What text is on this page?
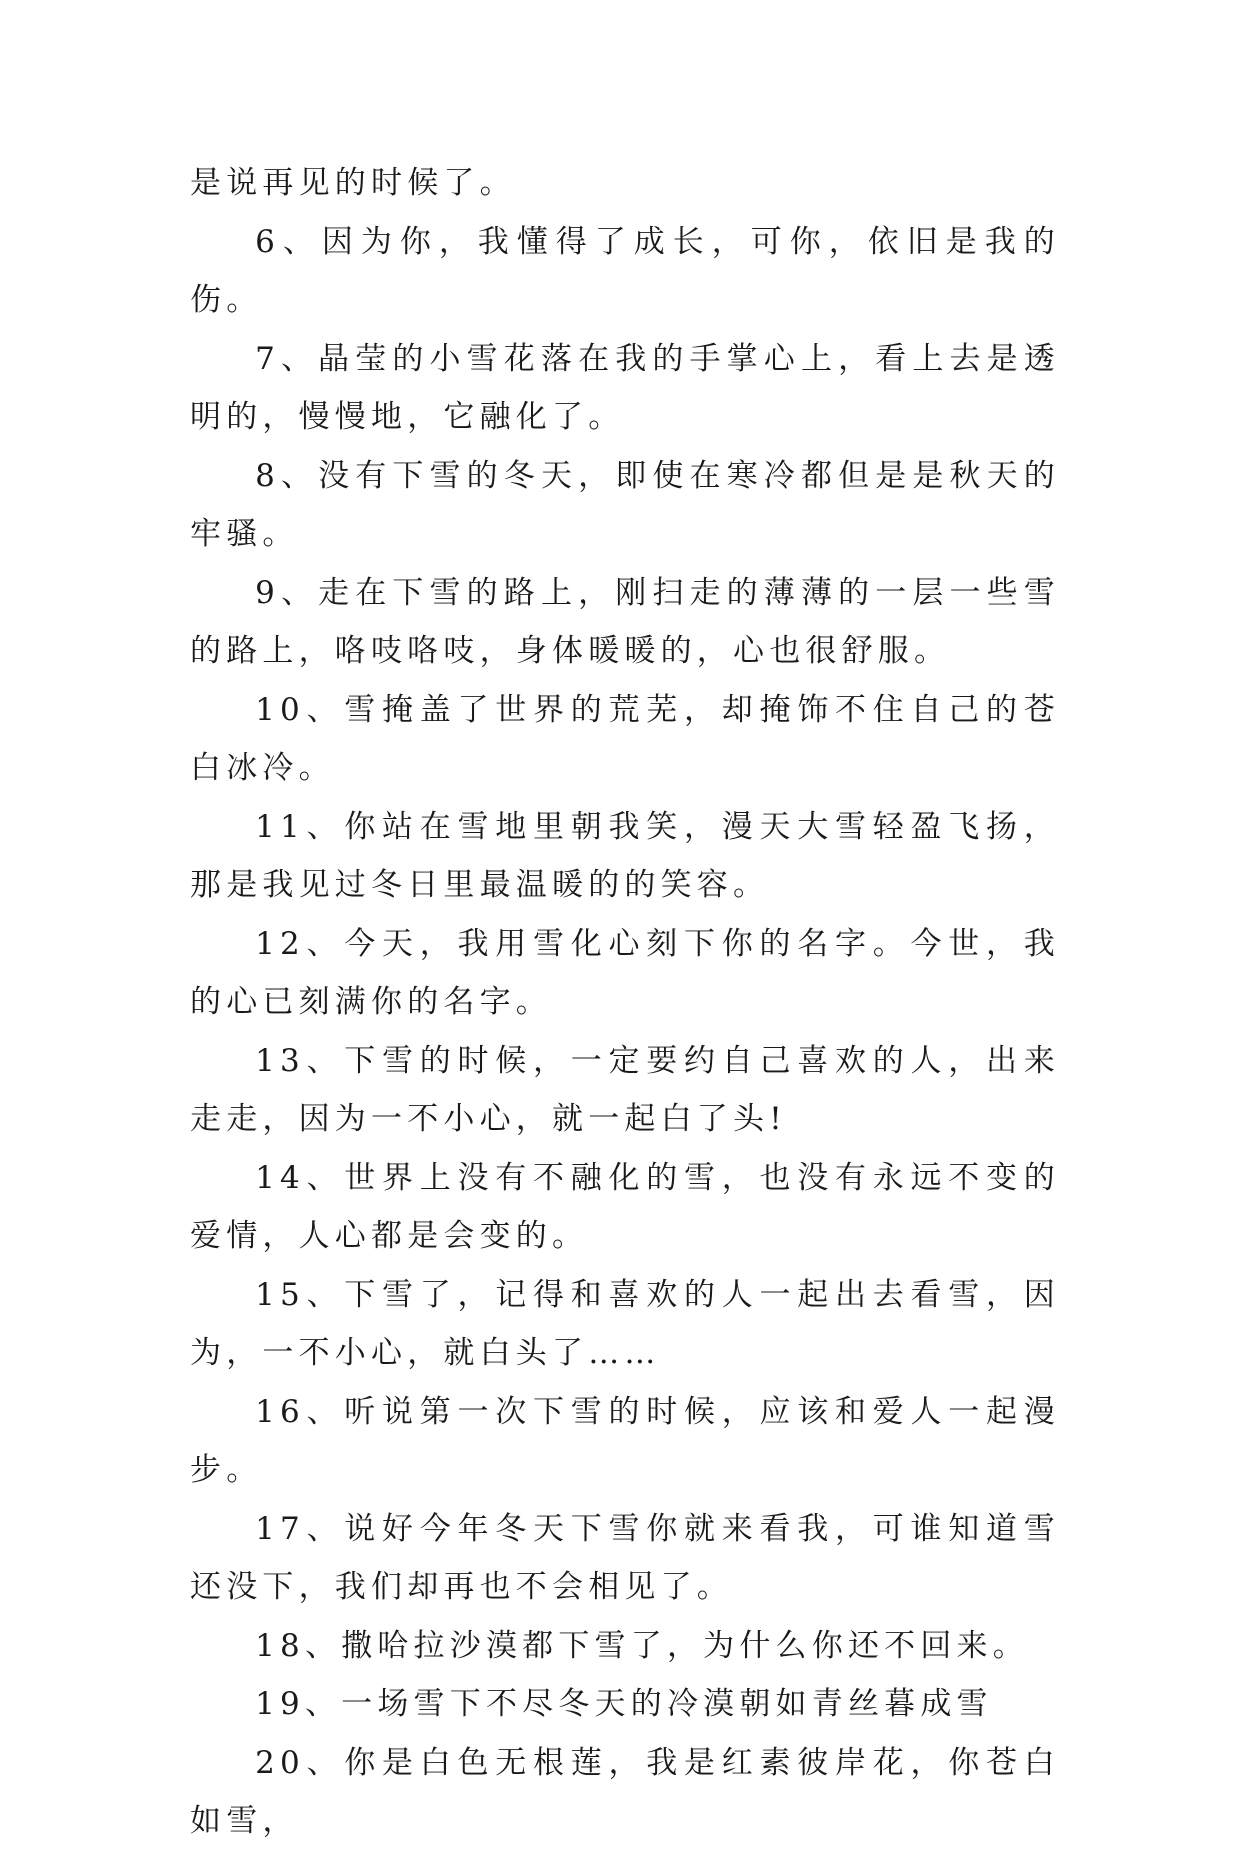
是说再见的时候了。

6、因为你，我懂得了成长，可你，依旧是我的伤。

7、晶莹的小雪花落在我的手掌心上，看上去是透明的，慢慢地，它融化了。

8、没有下雪的冬天，即使在寒冷都但是是秋天的牢骚。

9、走在下雪的路上，刚扫走的薄薄的一层一些雪的路上，咯吱咯吱，身体暖暖的，心也很舒服。

10、雪掩盖了世界的荒芜，却掩饰不住自己的苍白冰冷。

11、你站在雪地里朝我笑，漫天大雪轻盈飞扬，那是我见过冬日里最温暖的的笑容。

12、今天，我用雪化心刻下你的名字。今世，我的心已刻满你的名字。

13、下雪的时候，一定要约自己喜欢的人，出来走走，因为一不小心，就一起白了头!

14、世界上没有不融化的雪，也没有永远不变的爱情，人心都是会变的。

15、下雪了，记得和喜欢的人一起出去看雪，因为，一不小心，就白头了……

16、听说第一次下雪的时候，应该和爱人一起漫步。

17、说好今年冬天下雪你就来看我，可谁知道雪还没下，我们却再也不会相见了。

18、撒哈拉沙漠都下雪了，为什么你还不回来。

19、一场雪下不尽冬天的冷漠朝如青丝暮成雪

20、你是白色无根莲，我是红素彼岸花，你苍白如雪，
